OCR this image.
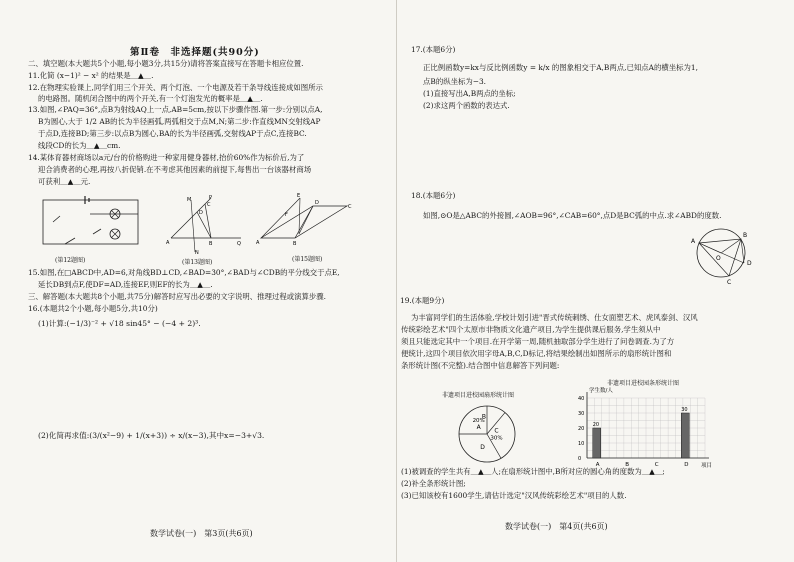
第Ⅱ卷　非选择题(共90分)
二、填空题(本大题共5个小题,每小题3分,共15分)请将答案直接写在答题卡相应位置.
11.化简 (x−1)² − x² 的结果是＿▲＿.
12.在物理实验课上,同学们用三个开关、两个灯泡、一个电源及若干条导线连接成如图所示
的电路图。随机闭合图中的两个开关,有一个灯泡发光的概率是＿▲＿.
13.如图,∠PAQ=36°,点B为射线AQ上一点,AB=5cm,按以下步骤作图.第一步:分别以点A,
B为圆心,大于 1/2 AB的长为半径画弧,两弧相交于点M,N;第二步:作直线MN交射线AP
于点D,连接BD;第三步:以点B为圆心,BA的长为半径画弧,交射线AP于点C,连接BC.
线段CD的长为＿▲＿cm.
14.某体育器材商场以a元/台的价格购进一种家用健身器材,抬价60%作为标价后,为了
迎合消费者的心理,再按八折促销.在不考虑其他因素的前提下,每售出一台该器材商场
可获利＿▲＿元.
(第12题图)
P
M
D
C
A	B
N
Q
(第13题图)
E
F
A
D
B
C
(第15题图)
15.如图,在□ABCD中,AD=6,对角线BD⊥CD,∠BAD=30°,∠BAD与∠CDB的平分线交于点E,
延长DB到点F,使DF=AD,连接EF,则EF的长为＿▲＿.
三、解答题(本大题共8个小题,共75分)解答时应写出必要的文字说明、推理过程或演算步骤.
16.(本题共2个小题,每小题5分,共10分)
(1)计算:(−1/3)⁻² + √18 sin45° − (−4 + 2)³.
(2)化简再求值:(3/(x²−9) + 1/(x+3)) ÷ x/(x−3),其中x=−3+√3.
数学试卷(一)　第3页(共6页)
17.(本题6分)
正比例函数y=kx与反比例函数y = k/x 的图象相交于A,B两点,已知点A的横坐标为1,
点B的纵坐标为−3.
(1)直接写出A,B两点的坐标;
(2)求这两个函数的表达式.
18.(本题6分)
如图,⊙O是△ABC的外接圆,∠AOB=96°,∠CAB=60°,点D是BC弧的中点.求∠ABD的度数.
A
B
C
D
O
19.(本题9分)
为丰富同学们的生活体验,学校计划引进"晋式传统刺绣、仕女面塑艺术、虎风泰剑、汉风
传统彩绘艺术"四个太原市非物质文化遗产项目,为学生提供课后服务,学生须从中
须且只能选定其中一个项目.在开学第一周,随机抽取部分学生进行了问卷调查.为了方
便统计,这四个项目依次用字母A,B,C,D标记,将结果绘制出如图所示的扇形统计图和
条形统计图(不完整).结合图中信息解答下列问题:
非遗项目进校园扇形统计图
A
20%
B
C
30%
D
非遗项目进校园条形统计图
学生数/人
项目
0
10
20
30
40
A
20
B	C	D
30
(1)被调查的学生共有＿▲＿人;在扇形统计图中,B所对应的圆心角的度数为＿▲＿;
(2)补全条形统计图;
(3)已知该校有1600学生,请估计选定"汉风传统彩绘艺术"项目的人数.
数学试卷(一)　第4页(共6页)
